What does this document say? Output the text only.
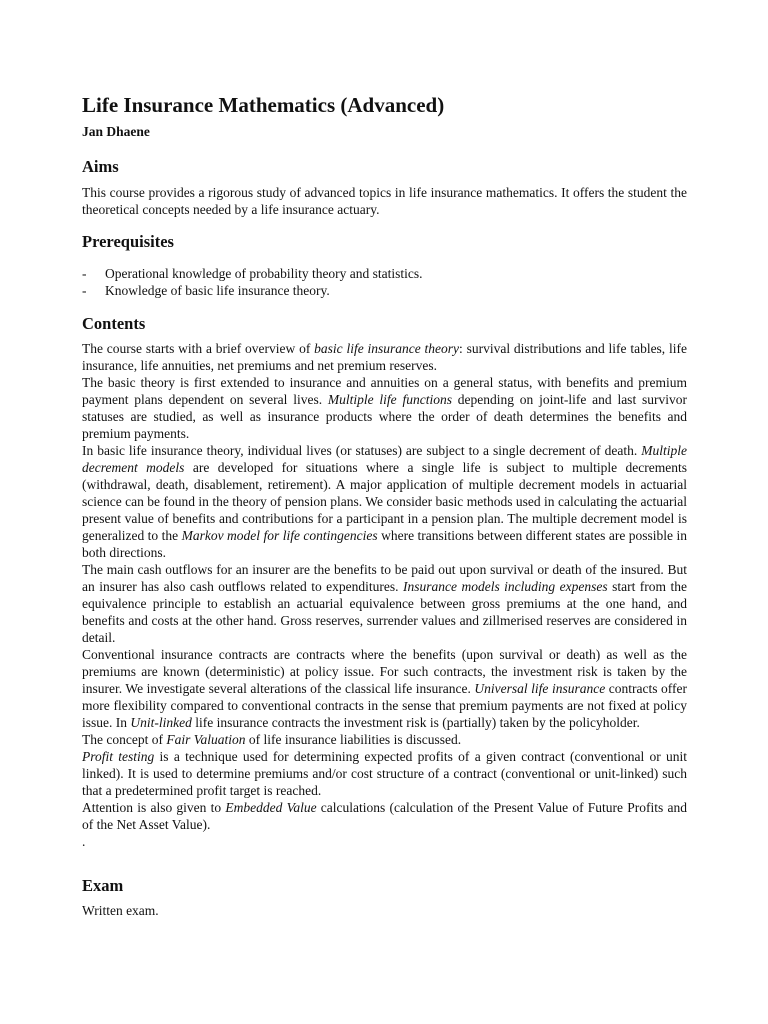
Life Insurance Mathematics (Advanced)
Jan Dhaene
Aims

This course provides a rigorous study of advanced topics in life insurance mathematics. It offers the student the theoretical concepts needed by a life insurance actuary.

Prerequisites
- Operational knowledge of probability theory and statistics.
- Knowledge of basic life insurance theory.
Contents

The course starts with a brief overview of basic life insurance theory: survival distributions and life tables, life insurance, life annuities, net premiums and net premium reserves.

The basic theory is first extended to insurance and annuities on a general status, with benefits and premium payment plans dependent on several lives. Multiple life functions depending on joint-life and last survivor statuses are studied, as well as insurance products where the order of death determines the benefits and premium payments.

In basic life insurance theory, individual lives (or statuses) are subject to a single decrement of death. Multiple decrement models are developed for situations where a single life is subject to multiple decrements (withdrawal, death, disablement, retirement). A major application of multiple decrement models in actuarial science can be found in the theory of pension plans. We consider basic methods used in calculating the actuarial present value of benefits and contributions for a participant in a pension plan. The multiple decrement model is generalized to the Markov model for life contingencies where transitions between different states are possible in both directions.

The main cash outflows for an insurer are the benefits to be paid out upon survival or death of the insured. But an insurer has also cash outflows related to expenditures. Insurance models including expenses start from the equivalence principle to establish an actuarial equivalence between gross premiums at the one hand, and benefits and costs at the other hand. Gross reserves, surrender values and zillmerised reserves are considered in detail.

Conventional insurance contracts are contracts where the benefits (upon survival or death) as well as the premiums are known (deterministic) at policy issue. For such contracts, the investment risk is taken by the insurer. We investigate several alterations of the classical life insurance. Universal life insurance contracts offer more flexibility compared to conventional contracts in the sense that premium payments are not fixed at policy issue. In Unit-linked life insurance contracts the investment risk is (partially) taken by the policyholder.

The concept of Fair Valuation of life insurance liabilities is discussed.

Profit testing is a technique used for determining expected profits of a given contract (conventional or unit linked). It is used to determine premiums and/or cost structure of a contract (conventional or unit-linked) such that a predetermined profit target is reached.

Attention is also given to Embedded Value calculations (calculation of the Present Value of Future Profits and of the Net Asset Value).

.

Exam

Written exam.
